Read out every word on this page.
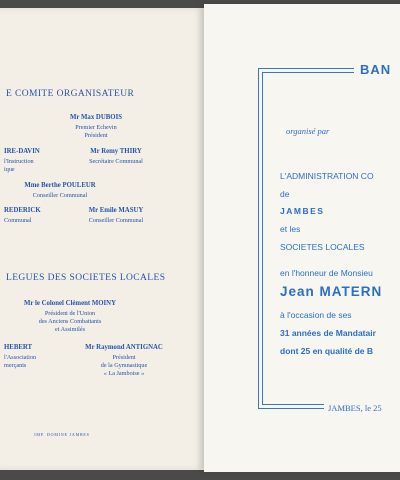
E COMITE ORGANISATEUR
Mr Max DUBOIS
Premier Echevin
Président
IRE-DAVIN
l'Instruction
ique
Mr Remy THIRY
Secrétaire Communal
Mme Berthe POULEUR
Conseiller Communal
REDERICK
Communal
Mr Emile MASUY
Conseiller Communal
LEGUES DES SOCIETES LOCALES
Mr le Colonel Clément MOINY
Président de l'Union
des Anciens Combattants
et Assimilés
HEBERT
l'Association
merçants
Mr Raymond ANTIGNAC
Président
de la Gymnastique
« La Jamboise »
IMP. DOMINE JAMBES
BAN
organisé par
L'ADMINISTRATION CO
de
JAMBES
et les
SOCIETES LOCALES
en l'honneur de Monsieu
Jean MATERN
à l'occasion de ses
31 années de Mandatair
dont 25 en qualité de B
JAMBES, le 25
